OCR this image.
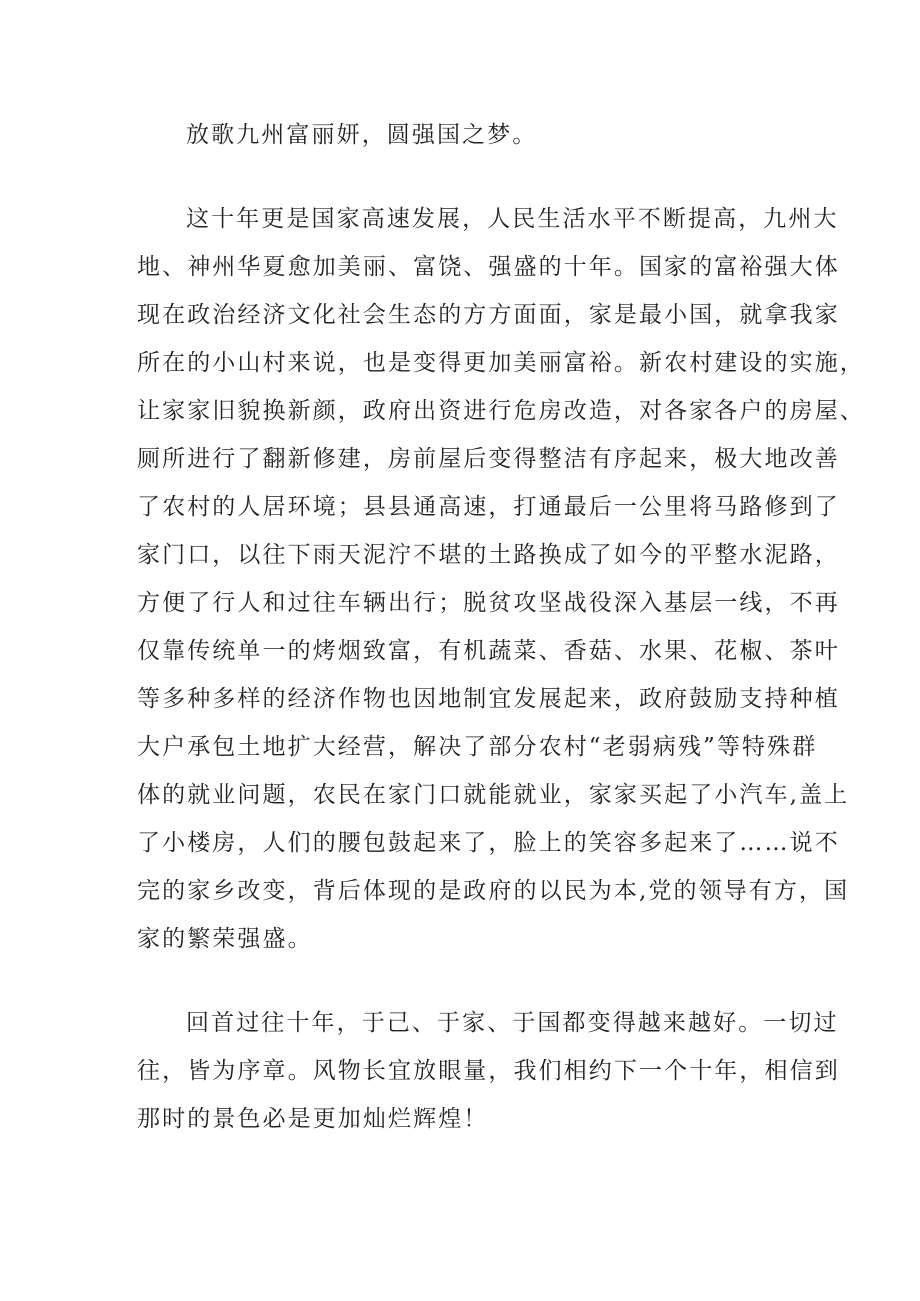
放歌九州富丽妍，圆强国之梦。

这十年更是国家高速发展，人民生活水平不断提高，九州大

地、神州华夏愈加美丽、富饶、强盛的十年。国家的富裕强大体

现在政治经济文化社会生态的方方面面，家是最小国，就拿我家

所在的小山村来说，也是变得更加美丽富裕。新农村建设的实施，

让家家旧貌换新颜，政府出资进行危房改造，对各家各户的房屋、

厕所进行了翻新修建，房前屋后变得整洁有序起来，极大地改善

了农村的人居环境；县县通高速，打通最后一公里将马路修到了

家门口，以往下雨天泥泞不堪的土路换成了如今的平整水泥路，

方便了行人和过往车辆出行；脱贫攻坚战役深入基层一线，不再

仅靠传统单一的烤烟致富，有机蔬菜、香菇、水果、花椒、茶叶

等多种多样的经济作物也因地制宜发展起来，政府鼓励支持种植

大户承包土地扩大经营，解决了部分农村“老弱病残”等特殊群

体的就业问题，农民在家门口就能就业，家家买起了小汽车,盖上

了小楼房，人们的腰包鼓起来了，脸上的笑容多起来了……说不

完的家乡改变，背后体现的是政府的以民为本,党的领导有方，国

家的繁荣强盛。

回首过往十年，于己、于家、于国都变得越来越好。一切过

往，皆为序章。风物长宜放眼量，我们相约下一个十年，相信到

那时的景色必是更加灿烂辉煌！
